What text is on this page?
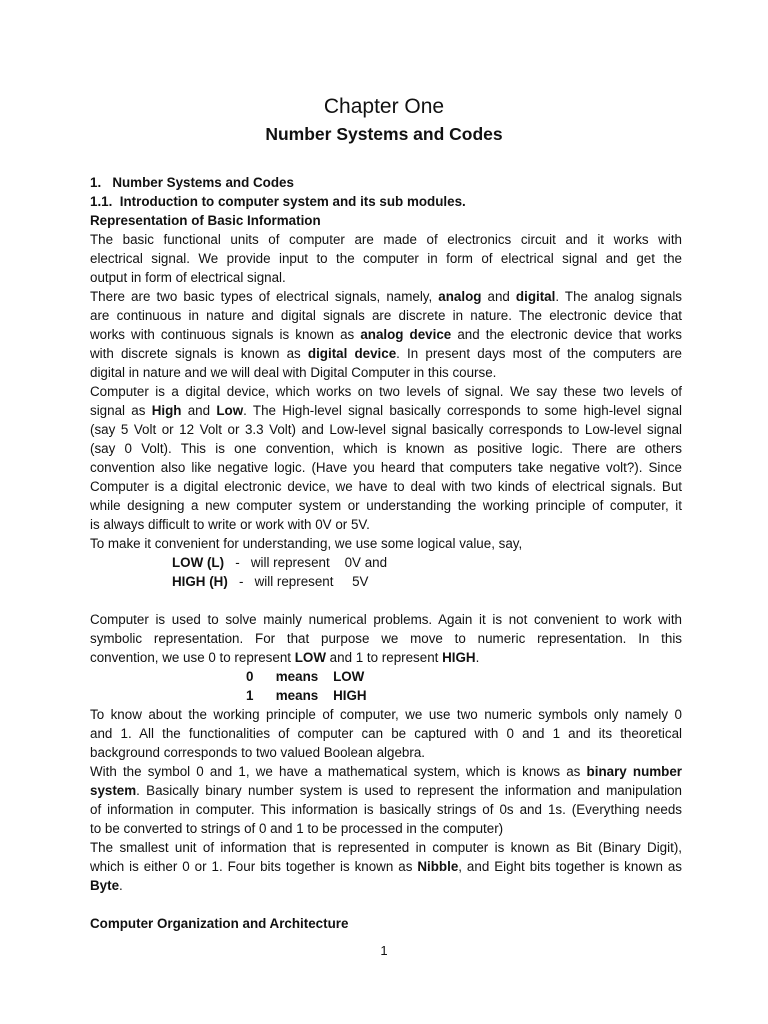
Chapter One
Number Systems and Codes
1.   Number Systems and Codes
1.1.  Introduction to computer system and its sub modules.
Representation of Basic Information

The basic functional units of computer are made of electronics circuit and it works with
electrical signal. We provide input to the computer in form of electrical signal and get the
output in form of electrical signal.

There are two basic types of electrical signals, namely, analog and digital. The analog signals
are continuous in nature and digital signals are discrete in nature. The electronic device that
works with continuous signals is known as analog device and the electronic device that works
with discrete signals is known as digital device. In present days most of the computers are
digital in nature and we will deal with Digital Computer in this course.

Computer is a digital device, which works on two levels of signal. We say these two levels of
signal as High and Low. The High-level signal basically corresponds to some high-level signal
(say 5 Volt or 12 Volt or 3.3 Volt) and Low-level signal basically corresponds to Low-level signal
(say 0 Volt). This is one convention, which is known as positive logic. There are others
convention also like negative logic. (Have you heard that computers take negative volt?). Since
Computer is a digital electronic device, we have to deal with two kinds of electrical signals. But
while designing a new computer system or understanding the working principle of computer, it
is always difficult to write or work with 0V or 5V.

To make it convenient for understanding, we use some logical value, say,
LOW (L)   -   will represent    0V and
HIGH (H)   -   will represent     5V

Computer is used to solve mainly numerical problems. Again it is not convenient to work with
symbolic representation. For that purpose we move to numeric representation. In this
convention, we use 0 to represent LOW and 1 to represent HIGH.

0      means    LOW
1      means    HIGH

To know about the working principle of computer, we use two numeric symbols only namely 0
and 1. All the functionalities of computer can be captured with 0 and 1 and its theoretical
background corresponds to two valued Boolean algebra.

With the symbol 0 and 1, we have a mathematical system, which is knows as binary number
system. Basically binary number system is used to represent the information and manipulation
of information in computer. This information is basically strings of 0s and 1s. (Everything needs
to be converted to strings of 0 and 1 to be processed in the computer)

The smallest unit of information that is represented in computer is known as Bit (Binary Digit),
which is either 0 or 1. Four bits together is known as Nibble, and Eight bits together is known as
Byte.

Computer Organization and Architecture
1
